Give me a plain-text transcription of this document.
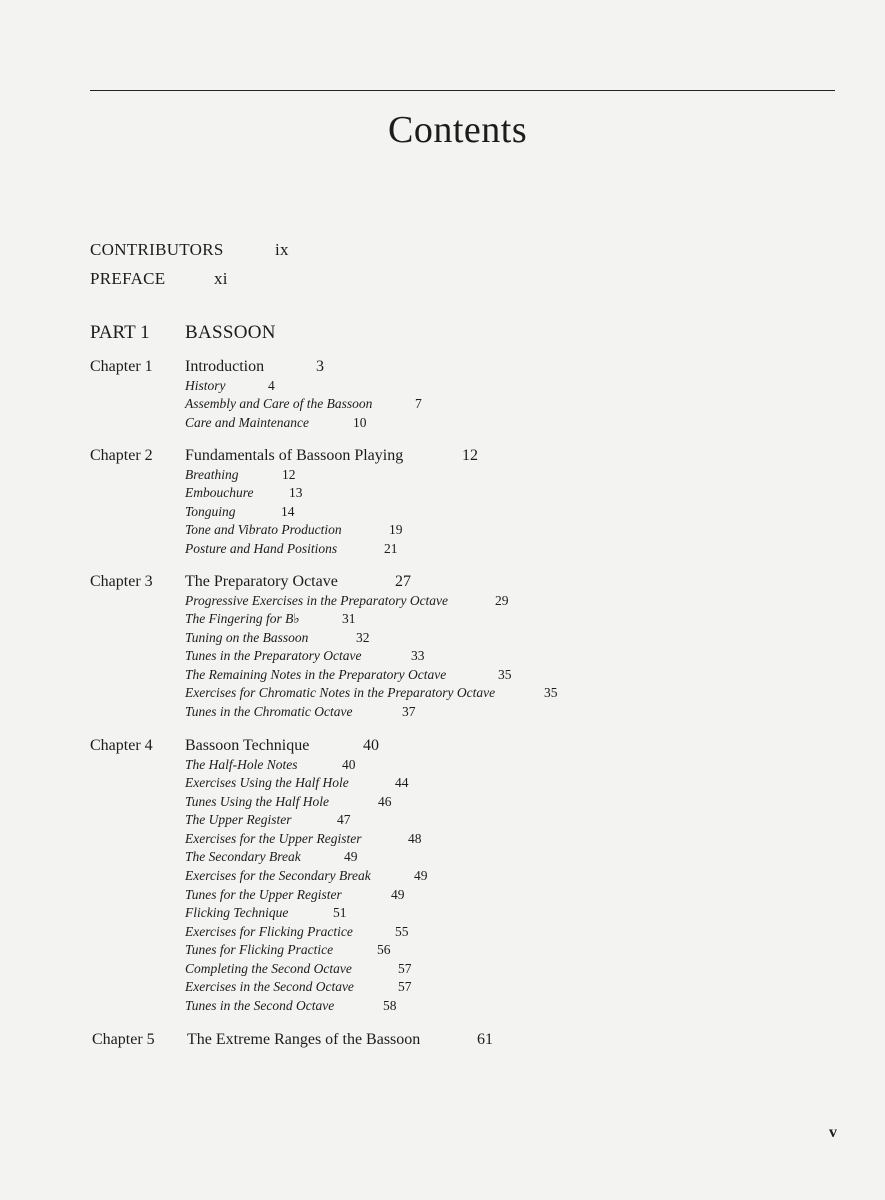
Contents
CONTRIBUTORS	ix
PREFACE	xi
PART 1 BASSOON
Chapter 1 Introduction	3
History	4
Assembly and Care of the Bassoon	7
Care and Maintenance	10
Chapter 2 Fundamentals of Bassoon Playing	12
Breathing	12
Embouchure	13
Tonguing	14
Tone and Vibrato Production	19
Posture and Hand Positions	21
Chapter 3 The Preparatory Octave	27
Progressive Exercises in the Preparatory Octave	29
The Fingering for B♭	31
Tuning on the Bassoon	32
Tunes in the Preparatory Octave	33
The Remaining Notes in the Preparatory Octave	35
Exercises for Chromatic Notes in the Preparatory Octave	35
Tunes in the Chromatic Octave	37
Chapter 4 Bassoon Technique	40
The Half-Hole Notes	40
Exercises Using the Half Hole	44
Tunes Using the Half Hole	46
The Upper Register	47
Exercises for the Upper Register	48
The Secondary Break	49
Exercises for the Secondary Break	49
Tunes for the Upper Register	49
Flicking Technique	51
Exercises for Flicking Practice	55
Tunes for Flicking Practice	56
Completing the Second Octave	57
Exercises in the Second Octave	57
Tunes in the Second Octave	58
Chapter 5 The Extreme Ranges of the Bassoon	61
v
